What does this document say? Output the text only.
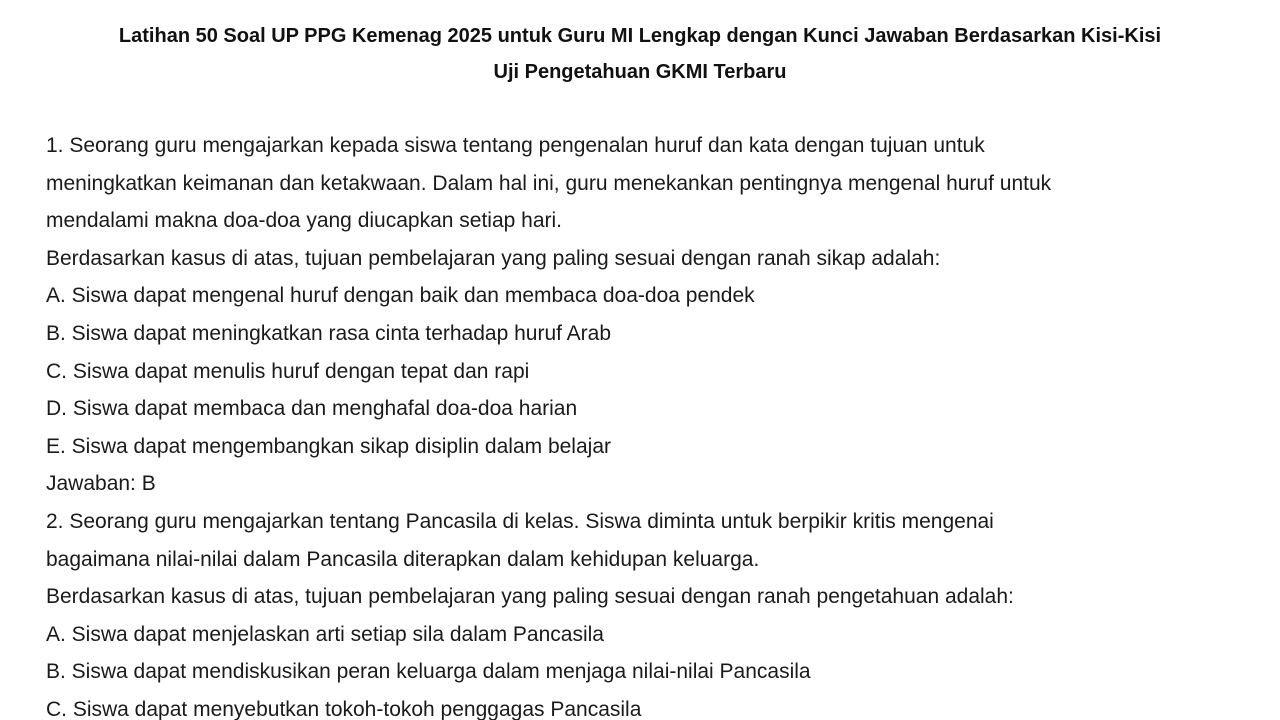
Latihan 50 Soal UP PPG Kemenag 2025 untuk Guru MI Lengkap dengan Kunci Jawaban Berdasarkan Kisi-Kisi
Uji Pengetahuan GKMI Terbaru
1. Seorang guru mengajarkan kepada siswa tentang pengenalan huruf dan kata dengan tujuan untuk
meningkatkan keimanan dan ketakwaan. Dalam hal ini, guru menekankan pentingnya mengenal huruf untuk
mendalami makna doa-doa yang diucapkan setiap hari.
Berdasarkan kasus di atas, tujuan pembelajaran yang paling sesuai dengan ranah sikap adalah:
A. Siswa dapat mengenal huruf dengan baik dan membaca doa-doa pendek
B. Siswa dapat meningkatkan rasa cinta terhadap huruf Arab
C. Siswa dapat menulis huruf dengan tepat dan rapi
D. Siswa dapat membaca dan menghafal doa-doa harian
E. Siswa dapat mengembangkan sikap disiplin dalam belajar
Jawaban: B
2. Seorang guru mengajarkan tentang Pancasila di kelas. Siswa diminta untuk berpikir kritis mengenai
bagaimana nilai-nilai dalam Pancasila diterapkan dalam kehidupan keluarga.
Berdasarkan kasus di atas, tujuan pembelajaran yang paling sesuai dengan ranah pengetahuan adalah:
A. Siswa dapat menjelaskan arti setiap sila dalam Pancasila
B. Siswa dapat mendiskusikan peran keluarga dalam menjaga nilai-nilai Pancasila
C. Siswa dapat menyebutkan tokoh-tokoh penggagas Pancasila
